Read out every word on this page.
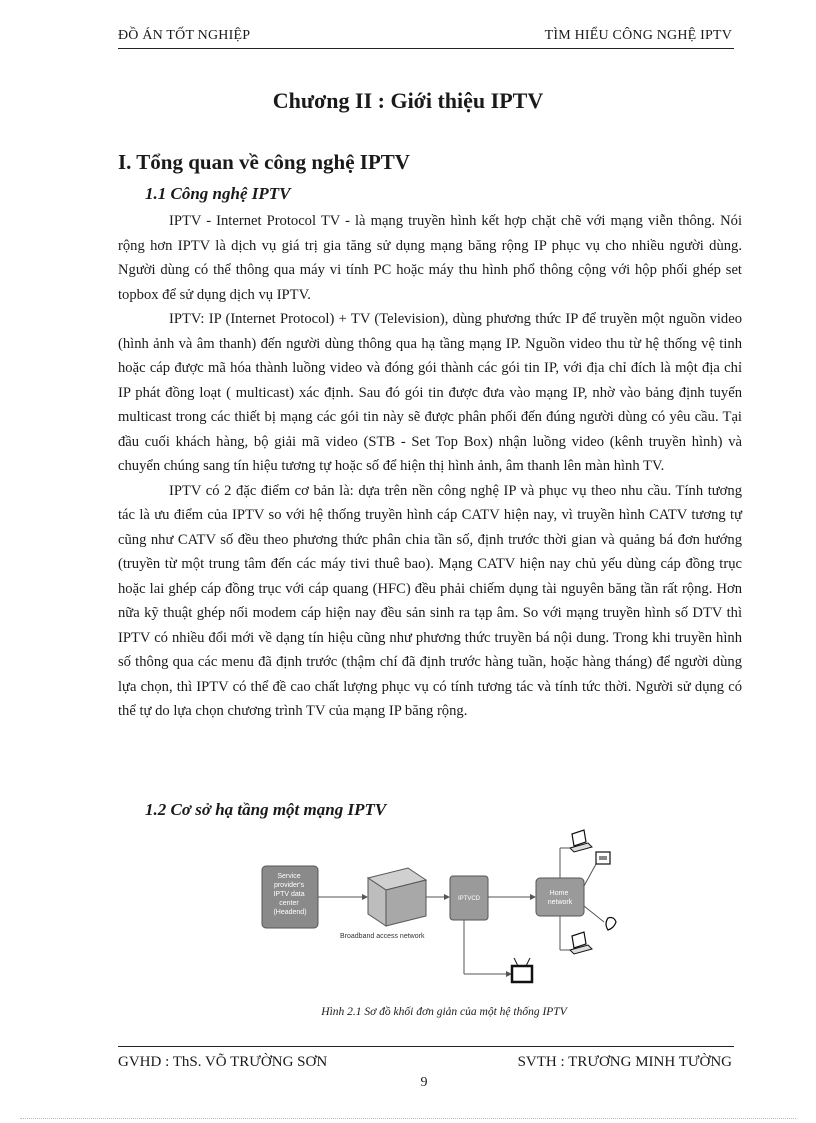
ĐỒ ÁN TỐT NGHIỆP	TÌM HIỂU CÔNG NGHỆ IPTV
Chương II : Giới thiệu IPTV
I. Tổng quan về công nghệ IPTV
1.1 Công nghệ IPTV

IPTV - Internet Protocol TV - là mạng truyền hình kết hợp chặt chẽ với mạng viễn thông. Nói rộng hơn IPTV là dịch vụ giá trị gia tăng sử dụng mạng băng rộng IP phục vụ cho nhiều người dùng. Người dùng có thể thông qua máy vi tính PC hoặc máy thu hình phổ thông cộng với hộp phối ghép set topbox để sử dụng dịch vụ IPTV.

IPTV: IP (Internet Protocol) + TV (Television), dùng phương thức IP để truyền một nguồn video (hình ảnh và âm thanh) đến người dùng thông qua hạ tầng mạng IP. Nguồn video thu từ hệ thống vệ tinh hoặc cáp được mã hóa thành luồng video và đóng gói thành các gói tin IP, với địa chỉ đích là một địa chỉ IP phát đồng loạt ( multicast) xác định. Sau đó gói tin được đưa vào mạng IP, nhờ vào bảng định tuyến multicast trong các thiết bị mạng các gói tin này sẽ được phân phối đến đúng người dùng có yêu cầu. Tại đầu cuối khách hàng, bộ giải mã video (STB - Set Top Box) nhận luồng video (kênh truyền hình) và chuyển chúng sang tín hiệu tương tự hoặc số để hiện thị hình ảnh, âm thanh lên màn hình TV.

IPTV có 2 đặc điểm cơ bản là: dựa trên nền công nghệ IP và phục vụ theo nhu cầu. Tính tương tác là ưu điểm của IPTV so với hệ thống truyền hình cáp CATV hiện nay, vì truyền hình CATV tương tự cũng như CATV số đều theo phương thức phân chia tần số, định trước thời gian và quảng bá đơn hướng (truyền từ một trung tâm đến các máy tivi thuê bao). Mạng CATV hiện nay chủ yếu dùng cáp đồng trục hoặc lai ghép cáp đồng trục với cáp quang (HFC) đều phải chiếm dụng tài nguyên băng tần rất rộng. Hơn nữa kỹ thuật ghép nối modem cáp hiện nay đều sản sinh ra tạp âm. So với mạng truyền hình số DTV thì IPTV có nhiều đổi mới về dạng tín hiệu cũng như phương thức truyền bá nội dung. Trong khi truyền hình số thông qua các menu đã định trước (thậm chí đã định trước hàng tuần, hoặc hàng tháng) để người dùng lựa chọn, thì IPTV có thể đề cao chất lượng phục vụ có tính tương tác và tính tức thời. Người sử dụng có thể tự do lựa chọn chương trình TV của mạng IP băng rộng.

1.2 Cơ sở hạ tầng một mạng IPTV
Service provider's IPTV data center (Headend)
Broadband access network
IPTVCD
Home network
Hình 2.1 Sơ đồ khối đơn giản của một hệ thống IPTV
GVHD : ThS. VÕ TRƯỜNG SƠN	SVTH : TRƯƠNG MINH TƯỜNG
9
